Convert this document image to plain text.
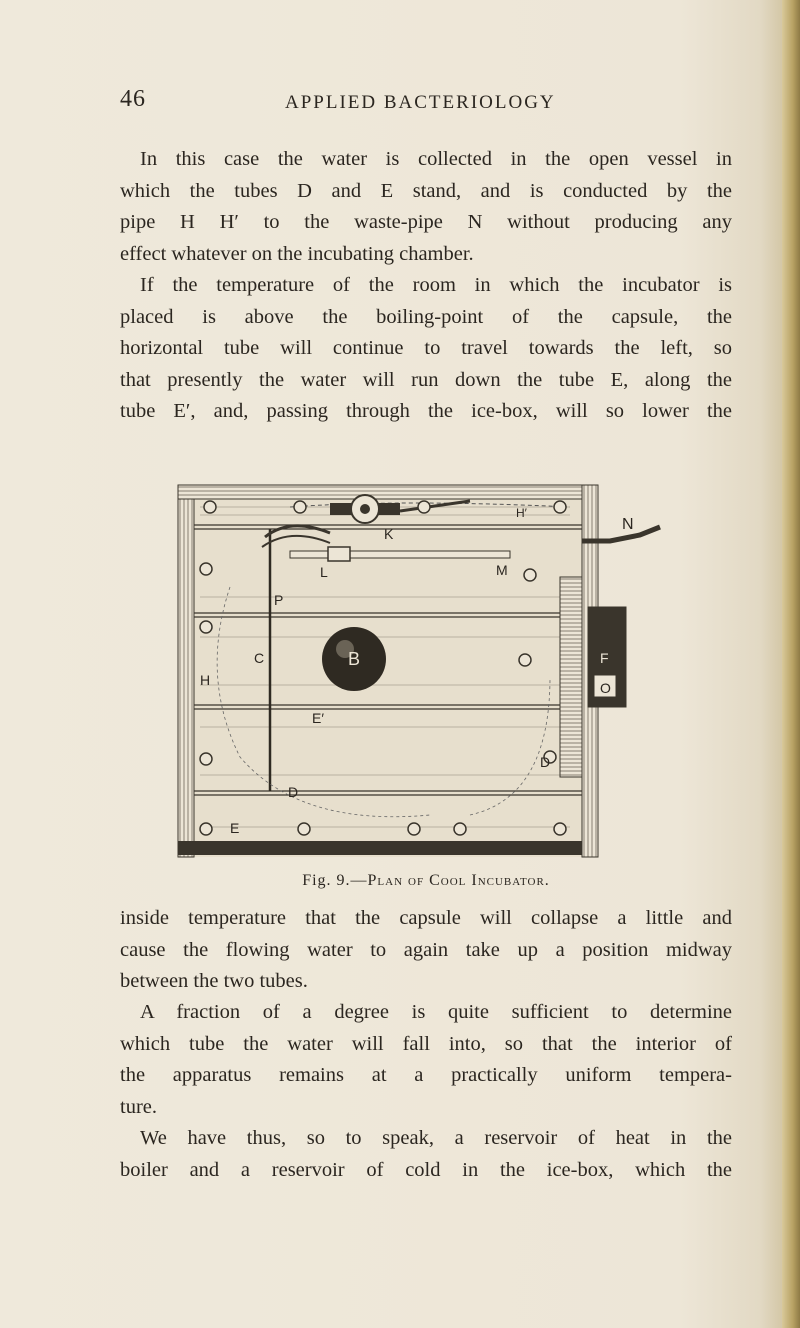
46	APPLIED BACTERIOLOGY

In this case the water is collected in the open vessel in
which the tubes D and E stand, and is conducted by the
pipe H H′ to the waste-pipe N without producing any
effect whatever on the incubating chamber.

If the temperature of the room in which the incubator is
placed is above the boiling-point of the capsule, the
horizontal tube will continue to travel towards the left, so
that presently the water will run down the tube E, along the
tube E′, and, passing through the ice-box, will so lower the

N
K
H′
L	M
P
C
H
B
E′
D
D
E
F
O
Fig. 9.—Plan of Cool Incubator.

inside temperature that the capsule will collapse a little and
cause the flowing water to again take up a position midway
between the two tubes.

A fraction of a degree is quite sufficient to determine
which tube the water will fall into, so that the interior of
the apparatus remains at a practically uniform tempera-
ture.

We have thus, so to speak, a reservoir of heat in the
boiler and a reservoir of cold in the ice-box, which the
